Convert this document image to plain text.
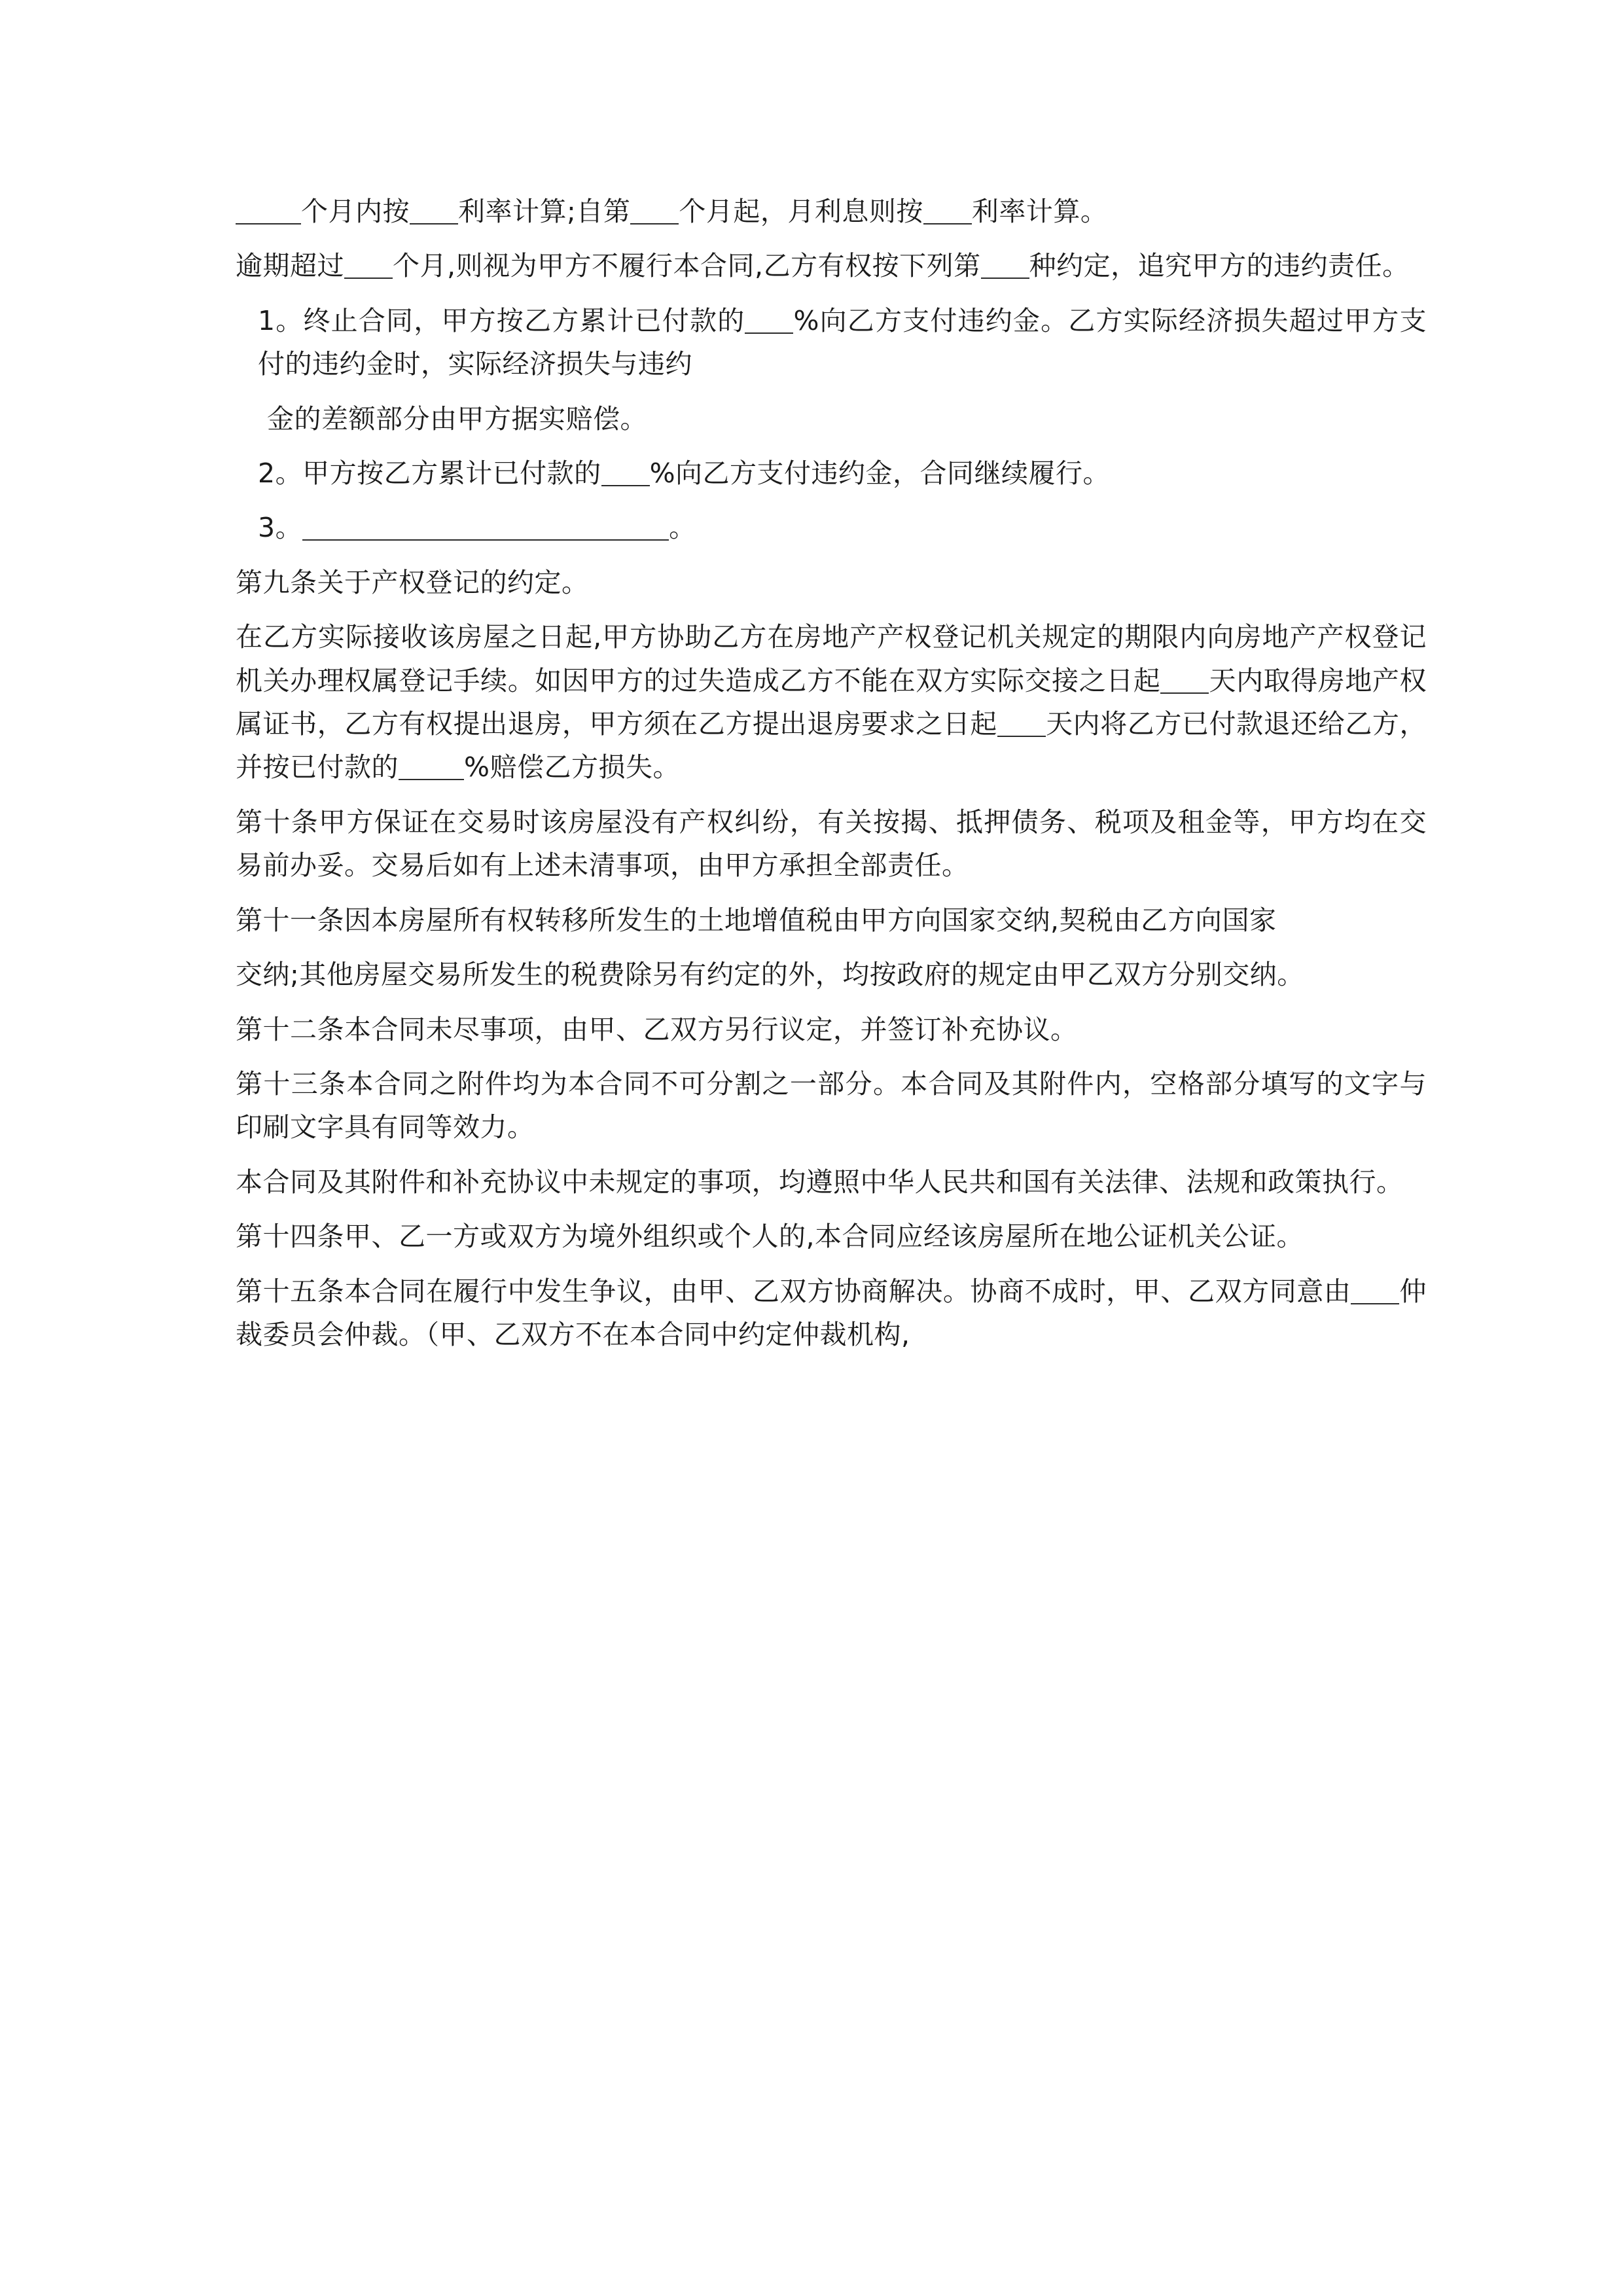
个月内按 利率计算;自第 个月起，月利息则按 利率计算。
逾期超过 个月,则视为甲方不履行本合同,乙方有权按下列第 种约定，追究甲方的违约责任。
1。终止合同，甲方按乙方累计已付款的 %向乙方支付违约金。乙方实际经济损失超过甲方支付的违约金时，实际经济损失与违约
金的差额部分由甲方据实赔偿。
2。甲方按乙方累计已付款的 %向乙方支付违约金，合同继续履行。
3。	。
第九条关于产权登记的约定。
在乙方实际接收该房屋之日起,甲方协助乙方在房地产产权登记机关规定的期限内向房地产产权登记机关办理权属登记手续。如因甲方的过失造成乙方不能在双方实际交接之日起 天内取得房地产权属证书，乙方有权提出退房，甲方须在乙方提出退房要求之日起 天内将乙方已付款退还给乙方，并按已付款的 %赔偿乙方损失。
第十条甲方保证在交易时该房屋没有产权纠纷，有关按揭、抵押债务、税项及租金等，甲方均在交易前办妥。交易后如有上述未清事项，由甲方承担全部责任。
第十一条因本房屋所有权转移所发生的土地增值税由甲方向国家交纳,契税由乙方向国家
交纳;其他房屋交易所发生的税费除另有约定的外，均按政府的规定由甲乙双方分别交纳。
第十二条本合同未尽事项，由甲、乙双方另行议定，并签订补充协议。
第十三条本合同之附件均为本合同不可分割之一部分。本合同及其附件内，空格部分填写的文字与印刷文字具有同等效力。
本合同及其附件和补充协议中未规定的事项，均遵照中华人民共和国有关法律、法规和政策执行。
第十四条甲、乙一方或双方为境外组织或个人的,本合同应经该房屋所在地公证机关公证。
第十五条本合同在履行中发生争议，由甲、乙双方协商解决。协商不成时，甲、乙双方同意由 仲裁委员会仲裁。（甲、乙双方不在本合同中约定仲裁机构,
